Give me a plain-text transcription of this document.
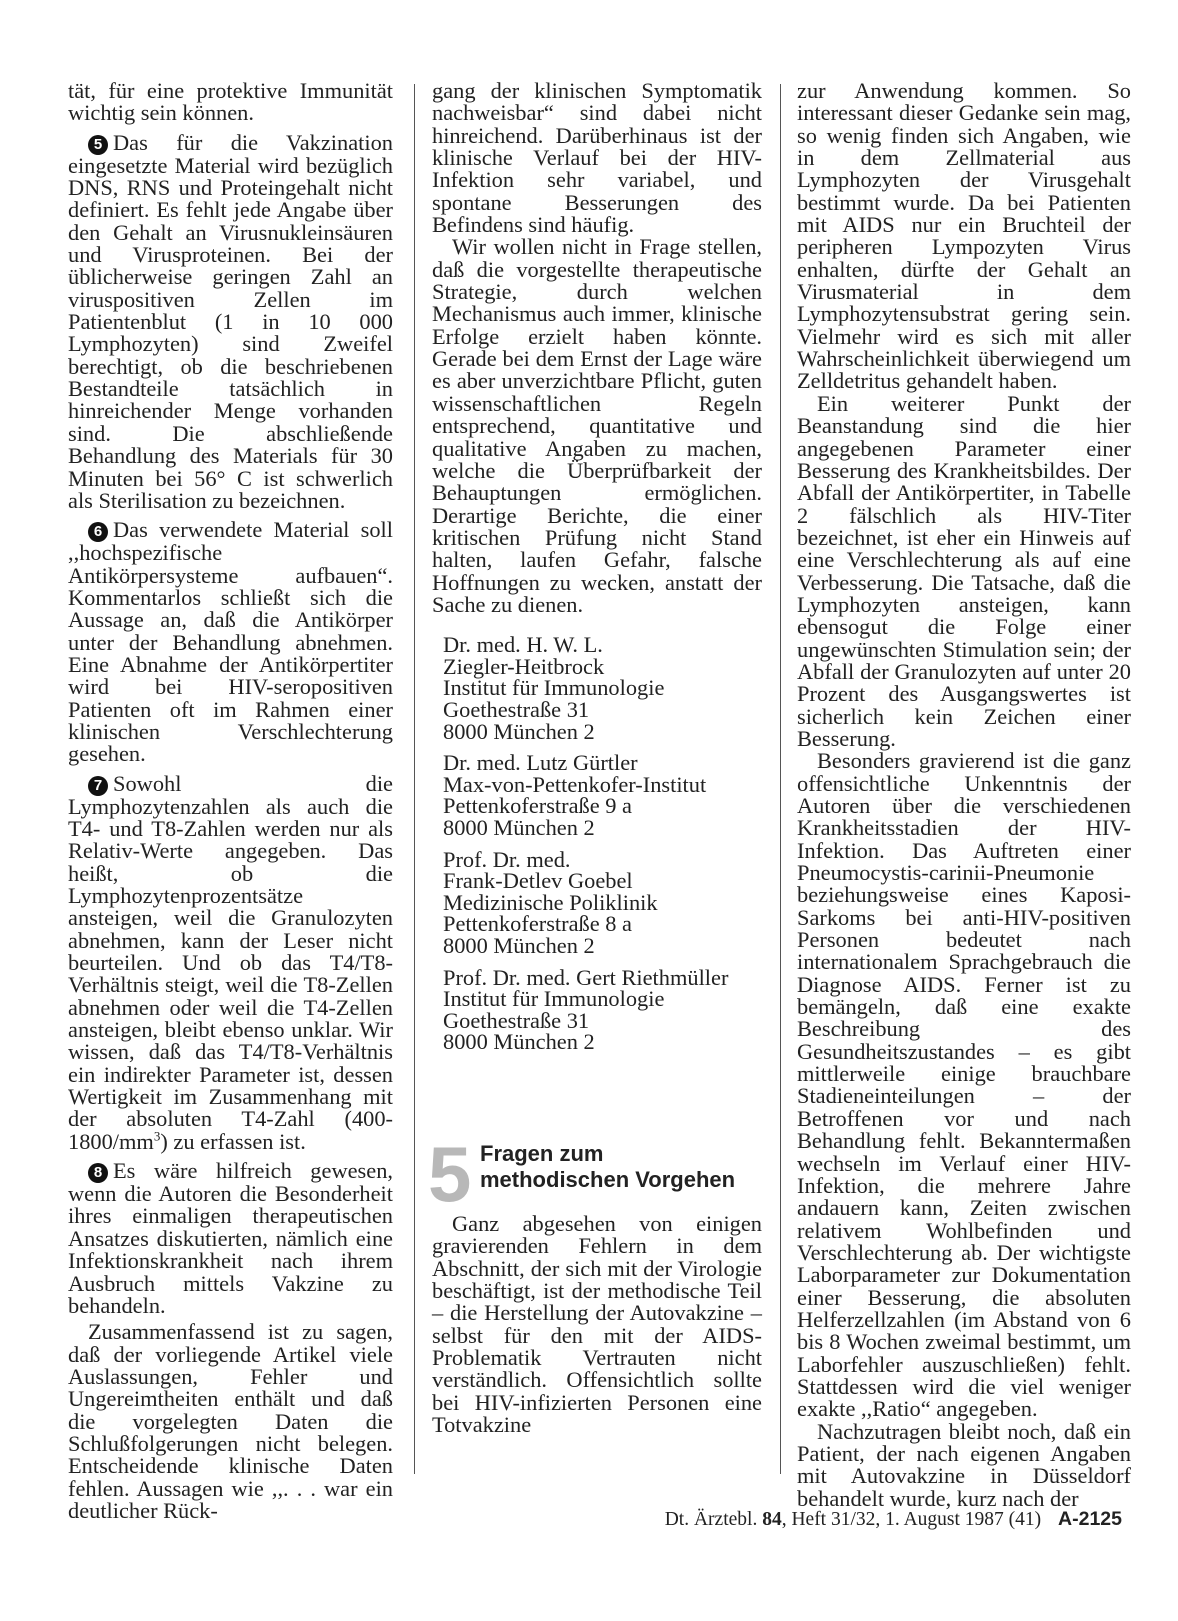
tät, für eine protektive Immunität wichtig sein können.

5 Das für die Vakzination eingesetzte Material wird bezüglich DNS, RNS und Proteingehalt nicht definiert. Es fehlt jede Angabe über den Gehalt an Virusnukleinsäuren und Virusproteinen. Bei der üblicherweise geringen Zahl an viruspositiven Zellen im Patientenblut (1 in 10 000 Lymphozyten) sind Zweifel berechtigt, ob die beschriebenen Bestandteile tatsächlich in hinreichender Menge vorhanden sind. Die abschließende Behandlung des Materials für 30 Minuten bei 56° C ist schwerlich als Sterilisation zu bezeichnen.

6 Das verwendete Material soll ,,hochspezifische Antikörpersysteme aufbauen“. Kommentarlos schließt sich die Aussage an, daß die Antikörper unter der Behandlung abnehmen. Eine Abnahme der Antikörpertiter wird bei HIV-seropositiven Patienten oft im Rahmen einer klinischen Verschlechterung gesehen.

7 Sowohl die Lymphozytenzahlen als auch die T4- und T8-Zahlen werden nur als Relativ-Werte angegeben. Das heißt, ob die Lymphozytenprozentsätze ansteigen, weil die Granulozyten abnehmen, kann der Leser nicht beurteilen. Und ob das T4/T8-Verhältnis steigt, weil die T8-Zellen abnehmen oder weil die T4-Zellen ansteigen, bleibt ebenso unklar. Wir wissen, daß das T4/T8-Verhältnis ein indirekter Parameter ist, dessen Wertigkeit im Zusammenhang mit der absoluten T4-Zahl $(400-1800/mm^3)$ zu erfassen ist.

8 Es wäre hilfreich gewesen, wenn die Autoren die Besonderheit ihres einmaligen therapeutischen Ansatzes diskutierten, nämlich eine Infektionskrankheit nach ihrem Ausbruch mittels Vakzine zu behandeln.

Zusammenfassend ist zu sagen, daß der vorliegende Artikel viele Auslassungen, Fehler und Ungereimtheiten enthält und daß die vorgelegten Daten die Schlußfolgerungen nicht belegen. Entscheidende klinische Daten fehlen. Aussagen wie ,,. . . war ein deutlicher Rück-

gang der klinischen Symptomatik nachweisbar“ sind dabei nicht hinreichend. Darüberhinaus ist der klinische Verlauf bei der HIV-Infektion sehr variabel, und spontane Besserungen des Befindens sind häufig.

Wir wollen nicht in Frage stellen, daß die vorgestellte therapeutische Strategie, durch welchen Mechanismus auch immer, klinische Erfolge erzielt haben könnte. Gerade bei dem Ernst der Lage wäre es aber unverzichtbare Pflicht, guten wissenschaftlichen Regeln entsprechend, quantitative und qualitative Angaben zu machen, welche die Überprüfbarkeit der Behauptungen ermöglichen. Derartige Berichte, die einer kritischen Prüfung nicht Stand halten, laufen Gefahr, falsche Hoffnungen zu wecken, anstatt der Sache zu dienen.

Dr. med. H. W. L.

Ziegler-Heitbrock

Institut für Immunologie

Goethestraße 31

8000 München 2

Dr. med. Lutz Gürtler

Max-von-Pettenkofer-Institut

Pettenkoferstraße 9 a

8000 München 2

Prof. Dr. med.

Frank-Detlev Goebel

Medizinische Poliklinik

Pettenkoferstraße 8 a

8000 München 2

Prof. Dr. med. Gert Riethmüller

Institut für Immunologie

Goethestraße 31

8000 München 2

5 Fragen zum
methodischen Vorgehen

Ganz abgesehen von einigen gravierenden Fehlern in dem Abschnitt, der sich mit der Virologie beschäftigt, ist der methodische Teil – die Herstellung der Autovakzine – selbst für den mit der AIDS-Problematik Vertrauten nicht verständlich. Offensichtlich sollte bei HIV-infizierten Personen eine Totvakzine

zur Anwendung kommen. So interessant dieser Gedanke sein mag, so wenig finden sich Angaben, wie in dem Zellmaterial aus Lymphozyten der Virusgehalt bestimmt wurde. Da bei Patienten mit AIDS nur ein Bruchteil der peripheren Lympozyten Virus enhalten, dürfte der Gehalt an Virusmaterial in dem Lymphozytensubstrat gering sein. Vielmehr wird es sich mit aller Wahrscheinlichkeit überwiegend um Zelldetritus gehandelt haben.

Ein weiterer Punkt der Beanstandung sind die hier angegebenen Parameter einer Besserung des Krankheitsbildes. Der Abfall der Antikörpertiter, in Tabelle 2 fälschlich als HIV-Titer bezeichnet, ist eher ein Hinweis auf eine Verschlechterung als auf eine Verbesserung. Die Tatsache, daß die Lymphozyten ansteigen, kann ebensogut die Folge einer ungewünschten Stimulation sein; der Abfall der Granulozyten auf unter 20 Prozent des Ausgangswertes ist sicherlich kein Zeichen einer Besserung.

Besonders gravierend ist die ganz offensichtliche Unkenntnis der Autoren über die verschiedenen Krankheitsstadien der HIV-Infektion. Das Auftreten einer Pneumocystis-carinii-Pneumonie beziehungsweise eines Kaposi-Sarkoms bei anti-HIV-positiven Personen bedeutet nach internationalem Sprachgebrauch die Diagnose AIDS. Ferner ist zu bemängeln, daß eine exakte Beschreibung des Gesundheitszustandes – es gibt mittlerweile einige brauchbare Stadieneinteilungen – der Betroffenen vor und nach Behandlung fehlt. Bekanntermaßen wechseln im Verlauf einer HIV-Infektion, die mehrere Jahre andauern kann, Zeiten zwischen relativem Wohlbefinden und Verschlechterung ab. Der wichtigste Laborparameter zur Dokumentation einer Besserung, die absoluten Helferzellzahlen (im Abstand von 6 bis 8 Wochen zweimal bestimmt, um Laborfehler auszuschließen) fehlt. Stattdessen wird die viel weniger exakte ,,Ratio“ angegeben.

Nachzutragen bleibt noch, daß ein Patient, der nach eigenen Angaben mit Autovakzine in Düsseldorf behandelt wurde, kurz nach der

Dt. Ärztebl. 84, Heft 31/32, 1. August 1987 (41) A-2125
